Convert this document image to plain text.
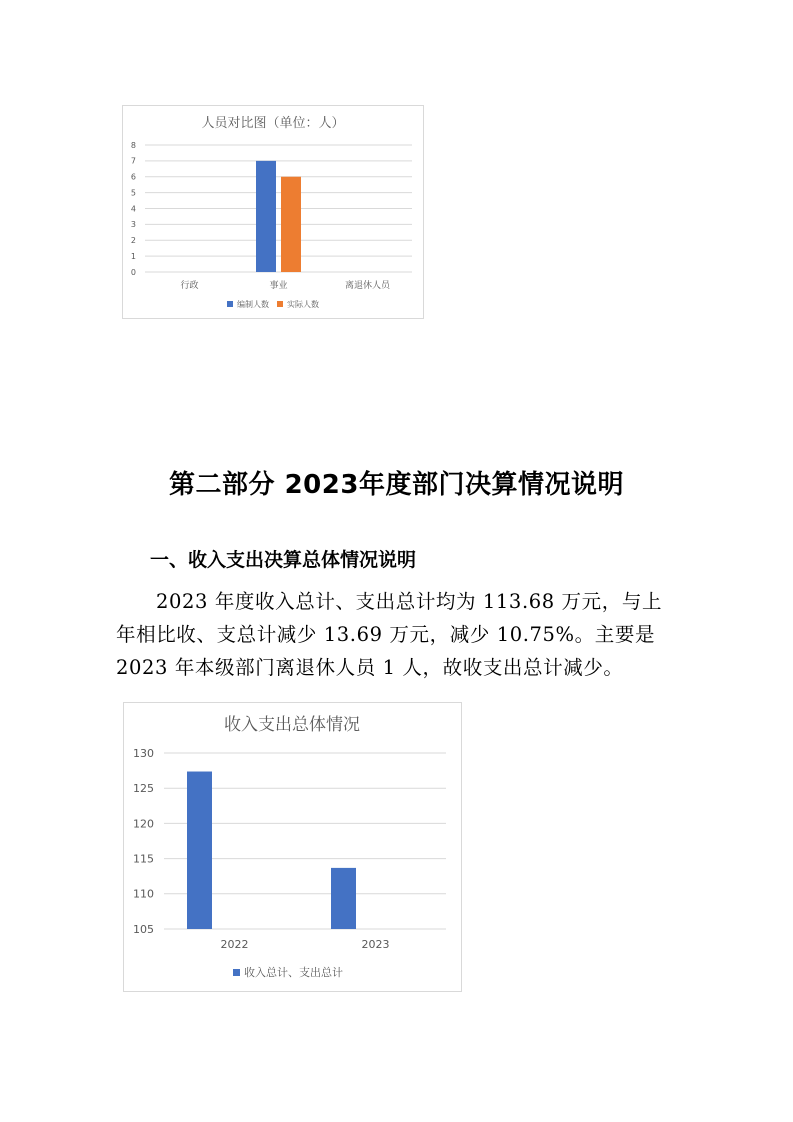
人员对比图（单位：人）
0
1
2
3
4
5
6
7
8
行政	事业	离退休人员
编制人数 实际人数
第二部分 2023年度部门决算情况说明
一、收入支出决算总体情况说明

2023 年度收入总计、支出总计均为 113.68 万元，与上
年相比收、支总计减少 13.69 万元，减少 10.75%。主要是
2023 年本级部门离退休人员 1 人，故收支出总计减少。

收入支出总体情况
105
110
115
120
125
130
2022	2023
收入总计、支出总计
